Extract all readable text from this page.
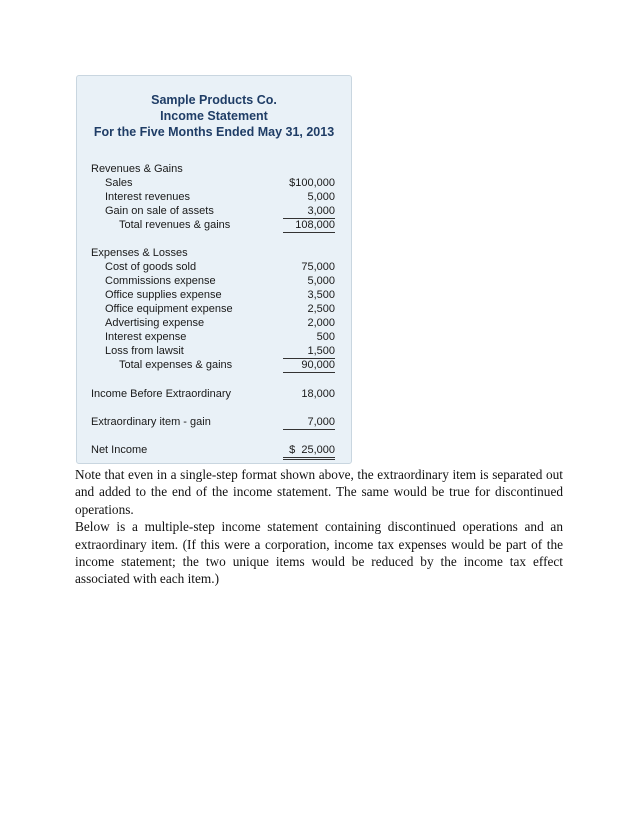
Sample Products Co.
Income Statement
For the Five Months Ended May 31, 2013
Revenues & Gains
Sales	$100,000
Interest revenues	5,000
Gain on sale of assets	3,000
Total revenues & gains	108,000
Expenses & Losses
Cost of goods sold	75,000
Commissions expense	5,000
Office supplies expense	3,500
Office equipment expense	2,500
Advertising expense	2,000
Interest expense	500
Loss from lawsit	1,500
Total expenses & gains	90,000
Income Before Extraordinary	18,000
Extraordinary item - gain	7,000
Net Income	$  25,000

Note that even in a single-step format shown above, the extraordinary item is separated out and added to the end of the income statement. The same would be true for discontinued operations.

Below is a multiple-step income statement containing discontinued operations and an extraordinary item. (If this were a corporation, income tax expenses would be part of the income statement; the two unique items would be reduced by the income tax effect associated with each item.)
